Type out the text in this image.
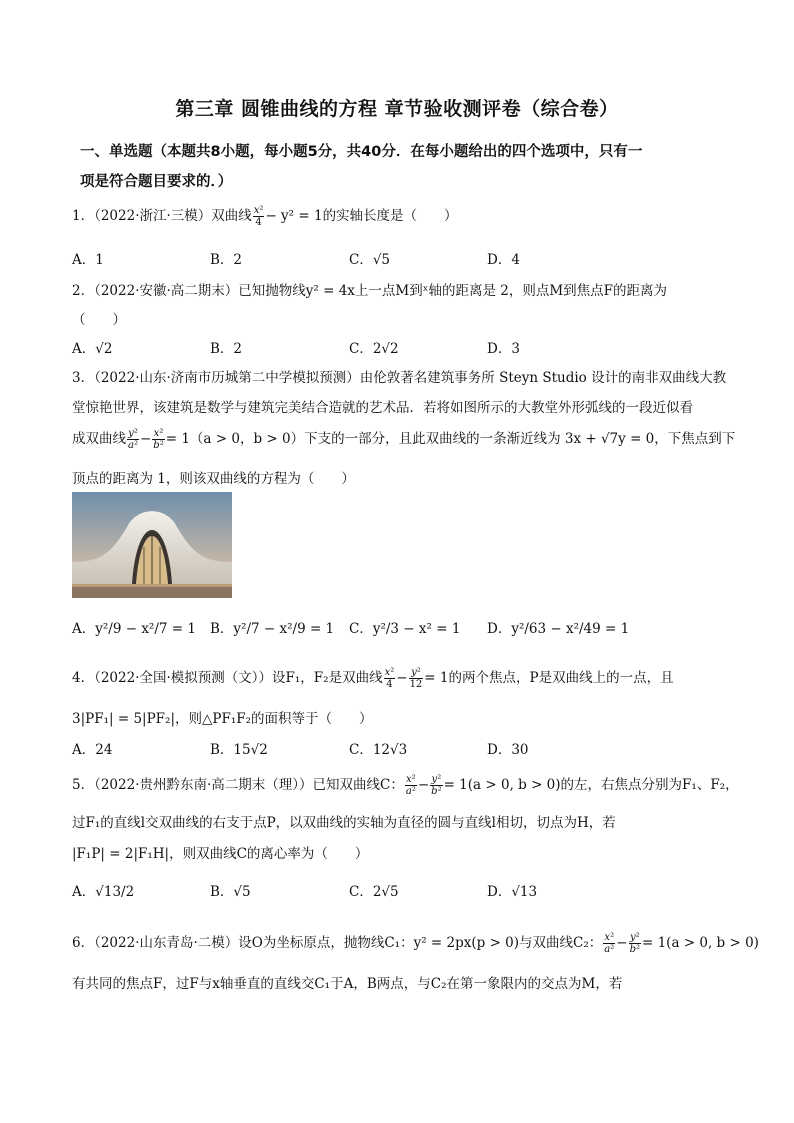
第三章 圆锥曲线的方程 章节验收测评卷（综合卷）
一、单选题（本题共8小题，每小题5分，共40分．在每小题给出的四个选项中，只有一
项是符合题目要求的．）
1．（2022·浙江·三模）双曲线 $\frac{\text{x²}}{4} - y^2 = 1$的实轴长度是（　　）
A．1	B．2	C．√5	D．4
2．（2022·安徽·高二期末）已知抛物线y² = 4x上一点M到ˣ轴的距离是 2，则点M到焦点F的距离为
（　　）
A．√2	B．2	C．2√2	D．3
3．（2022·山东·济南市历城第二中学模拟预测）由伦敦著名建筑事务所 Steyn Studio 设计的南非双曲线大教
堂惊艳世界，该建筑是数学与建筑完美结合造就的艺术品．若将如图所示的大教堂外形弧线的一段近似看
成双曲线 $\frac{\text{y²}}{\text{a²}} - \frac{\text{x²}}{\text{b²}} = 1(a > 0$，b > 0）下支的一部分，且此双曲线的一条渐近线为 3x + √7y = 0，下焦点到下
顶点的距离为 1，则该双曲线的方程为（　　）
A．y²/9 − x²/7 = 1 B．y²/7 − x²/9 = 1 C．y²/3 − x² = 1 D．y²/63 − x²/49 = 1
4．（2022·全国·模拟预测（文））设F₁，F₂是双曲线 $\frac{\text{x²}}{4} - \frac{\text{y²}}{12} = 1$的两个焦点，P是双曲线上的一点，且
3|PF₁| = 5|PF₂|，则△PF₁F₂的面积等于（　　）
A．24	B．15√2	C．12√3	D．30
5．（2022·贵州黔东南·高二期末（理））已知双曲线C： $\frac{\text{x²}}{\text{a²}} - \frac{\text{y²}}{\text{b²}} = 1(a > 0$, b > 0)的左，右焦点分别为F₁、F₂，
过F₁的直线l交双曲线的右支于点P，以双曲线的实轴为直径的圆与直线l相切，切点为H，若
|F₁P| = 2|F₁H|，则双曲线C的离心率为（　　）
A．√13/2	B．√5	C．2√5	D．√13
6．（2022·山东青岛·二模）设O为坐标原点，抛物线C₁：y² = 2px(p > 0)与双曲线C₂： $\frac{\text{x²}}{\text{a²}} - \frac{\text{y²}}{\text{b²}} = 1(a > 0$, b > 0)
有共同的焦点F，过F与x轴垂直的直线交C₁于A，B两点，与C₂在第一象限内的交点为M，若
